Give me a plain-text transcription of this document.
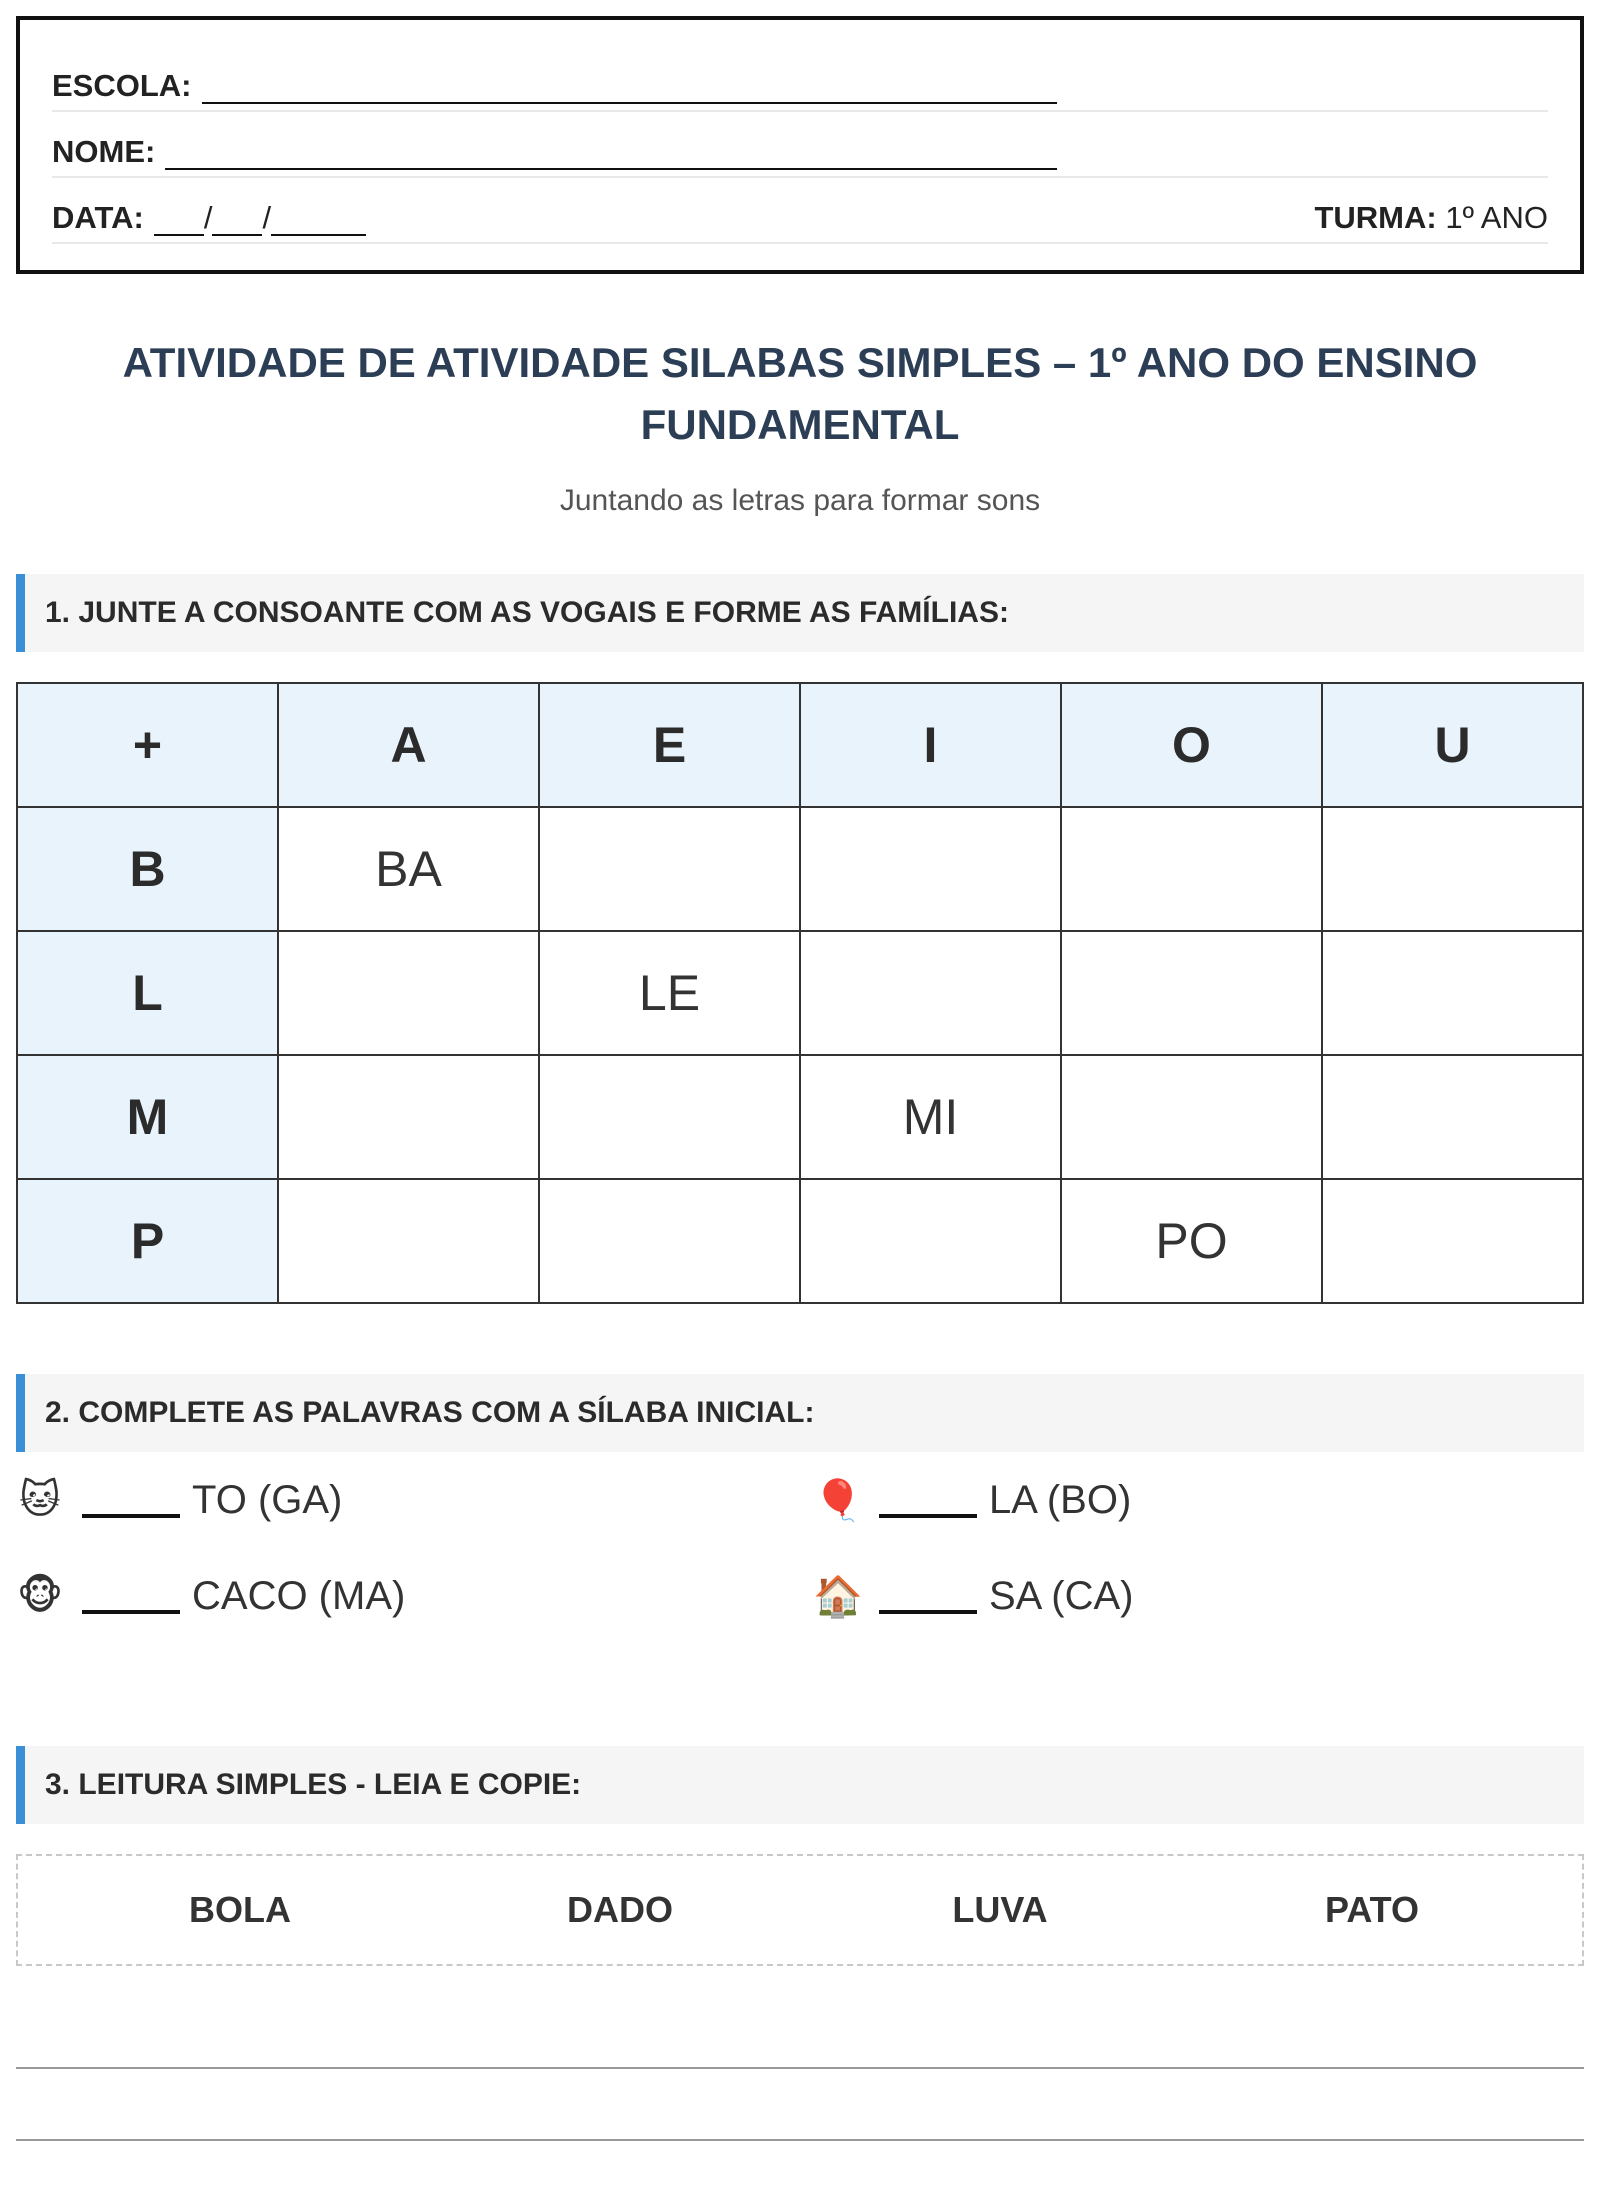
ESCOLA:
NOME:
DATA: / /	TURMA: 1º ANO
ATIVIDADE DE ATIVIDADE SILABAS SIMPLES – 1º ANO DO ENSINO FUNDAMENTAL
Juntando as letras para formar sons
1. JUNTE A CONSOANTE COM AS VOGAIS E FORME AS FAMÍLIAS:
+	A	E	I	O	U
B	BA				
L		LE			
M			MI		
P				PO	
2. COMPLETE AS PALAVRAS COM A SÍLABA INICIAL:
🐱	TO (GA)	🎈	LA (BO)
🐵	CACO (MA)	🏠	SA (CA)
3. LEITURA SIMPLES - LEIA E COPIE:
BOLA	DADO	LUVA	PATO
